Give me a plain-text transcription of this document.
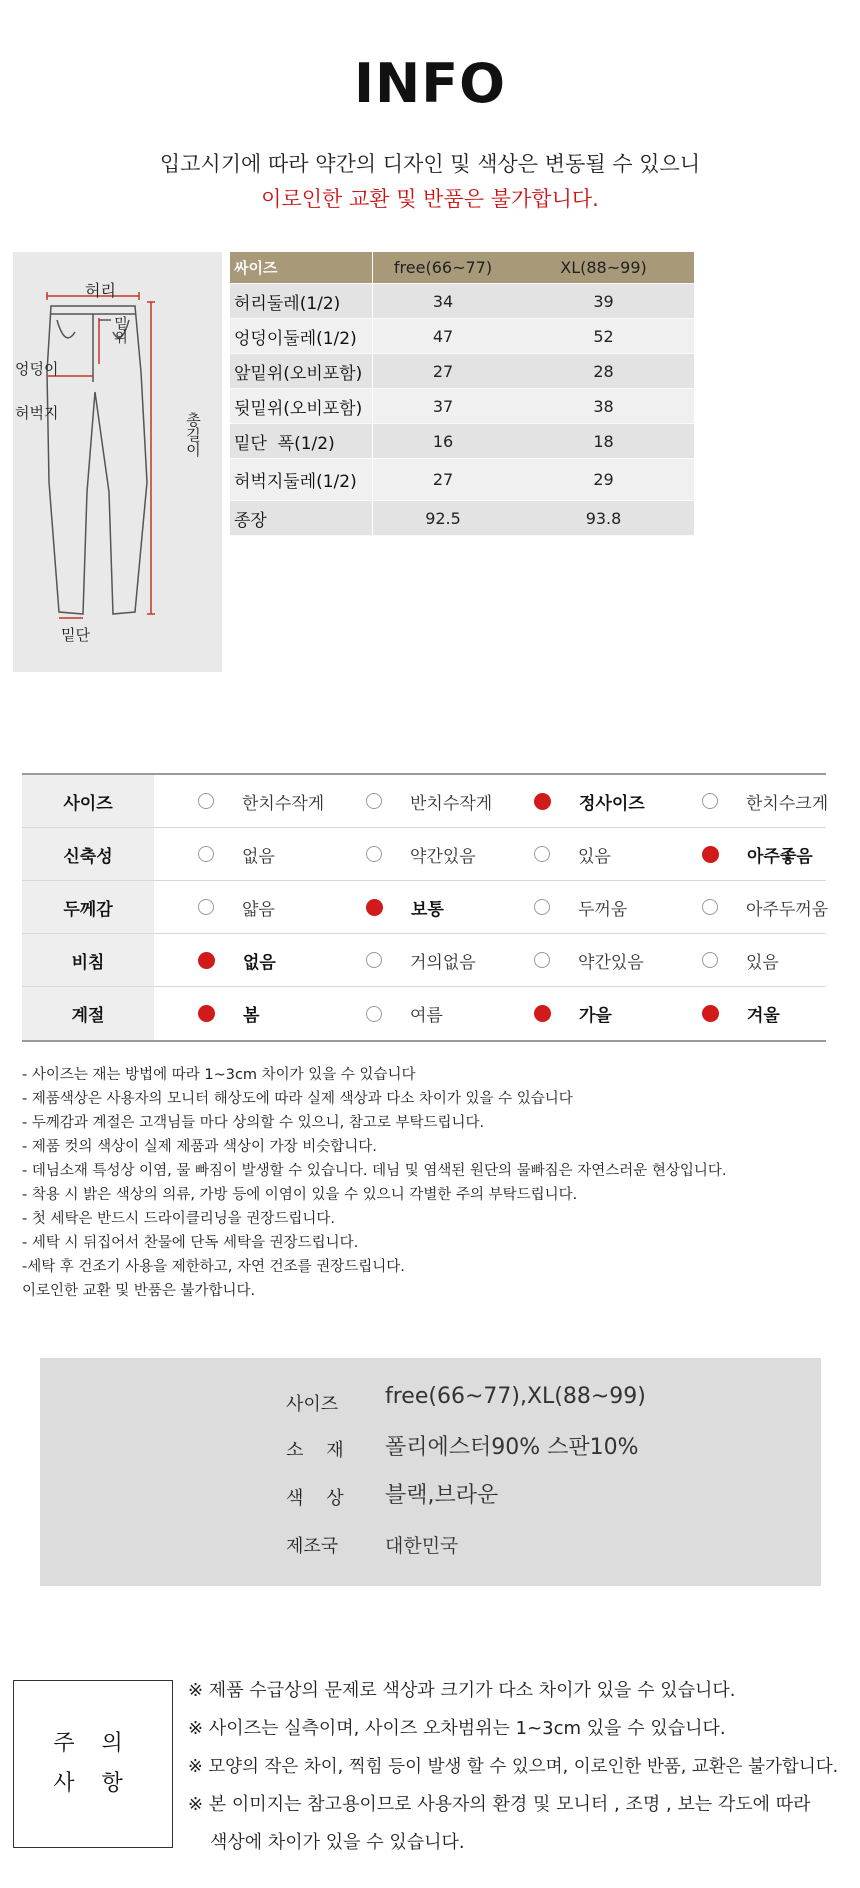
INFO
입고시기에 따라 약간의 디자인 및 색상은 변동될 수 있으니
이로인한 교환 및 반품은 불가합니다.
허리
밑위
엉덩이
허벅지	총길이
밑단
싸이즈	free(66~77)	XL(88~99)
허리둘레(1/2)	34	39
엉덩이둘레(1/2)	47	52
앞밑위(오비포함)	27	28
뒷밑위(오비포함)	37	38
밑단  폭(1/2)	16	18
허벅지둘레(1/2)	27	29
종장	92.5	93.8
사이즈	한치수작게	반치수작게	정사이즈	한치수크게
신축성	없음	약간있음	있음	아주좋음
두께감	얇음	보통	두꺼움	아주두꺼움
비침	없음	거의없음	약간있음	있음
계절	봄	여름	가을	겨울
- 사이즈는 재는 방법에 따라 1~3cm 차이가 있을 수 있습니다
- 제품색상은 사용자의 모니터 해상도에 따라 실제 색상과 다소 차이가 있을 수 있습니다
- 두께감과 계절은 고객님들 마다 상의할 수 있으니, 참고로 부탁드립니다.
- 제품 컷의 색상이 실제 제품과 색상이 가장 비슷합니다.
- 데님소재 특성상 이염, 물 빠짐이 발생할 수 있습니다. 데님 및 염색된 원단의 물빠짐은 자연스러운 현상입니다.
- 착용 시 밝은 색상의 의류, 가방 등에 이염이 있을 수 있으니 각별한 주의 부탁드립니다.
- 첫 세탁은 반드시 드라이클리닝을 권장드립니다.
- 세탁 시 뒤집어서 찬물에 단독 세탁을 권장드립니다.
-세탁 후 건조기 사용을 제한하고, 자연 건조를 권장드립니다.
이로인한 교환 및 반품은 불가합니다.
사이즈 free(66~77),XL(88~99)
소    재 폴리에스터90% 스판10%
색    상 블랙,브라운
제조국 대한민국
주 의
사 항
※ 제품 수급상의 문제로 색상과 크기가 다소 차이가 있을 수 있습니다.
※ 사이즈는 실측이며, 사이즈 오차범위는 1~3cm 있을 수 있습니다.
※ 모양의 작은 차이, 찍힘 등이 발생 할 수 있으며, 이로인한 반품, 교환은 불가합니다.
※ 본 이미지는 참고용이므로 사용자의 환경 및 모니터 , 조명 , 보는 각도에 따라
색상에 차이가 있을 수 있습니다.
